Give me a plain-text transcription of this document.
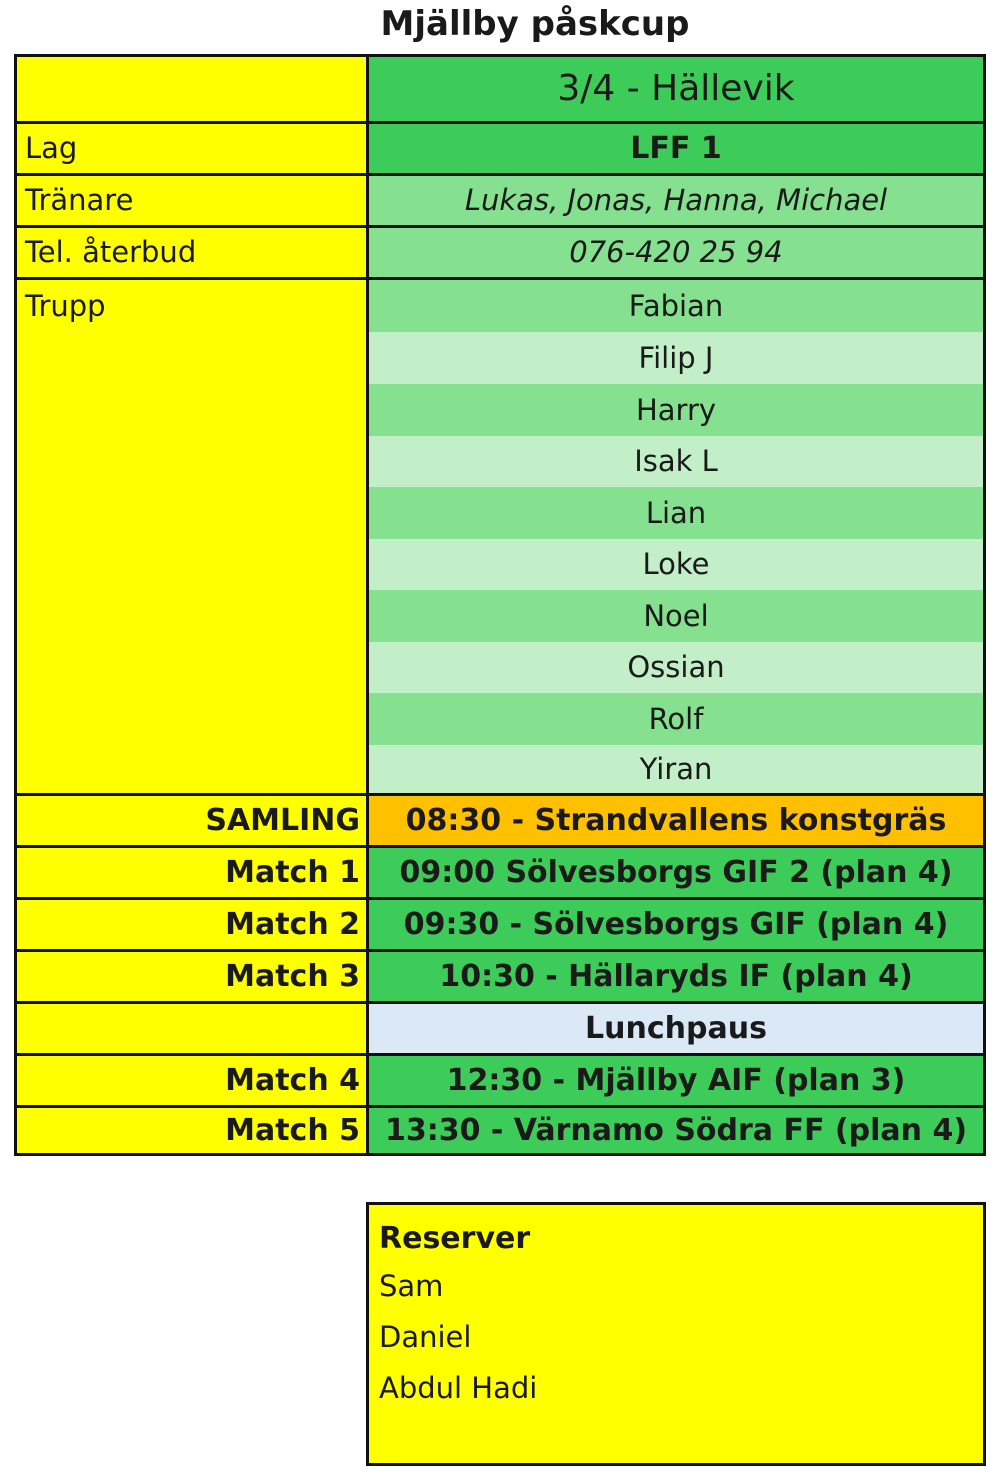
Mjällby påskcup
3/4 - Hällevik
Lag	LFF 1
Tränare	Lukas, Jonas, Hanna, Michael
Tel. återbud	076-420 25 94
Trupp	Fabian
Filip J
Harry
Isak L
Lian
Loke
Noel
Ossian
Rolf
Yiran
SAMLING	08:30 - Strandvallens konstgräs
Match 1	09:00 Sölvesborgs GIF 2 (plan 4)
Match 2	09:30 - Sölvesborgs GIF (plan 4)
Match 3	10:30 - Hällaryds IF (plan 4)
Lunchpaus
Match 4	12:30 - Mjällby AIF (plan 3)
Match 5 13:30 - Värnamo Södra FF (plan 4)
Reserver
Sam
Daniel
Abdul Hadi
